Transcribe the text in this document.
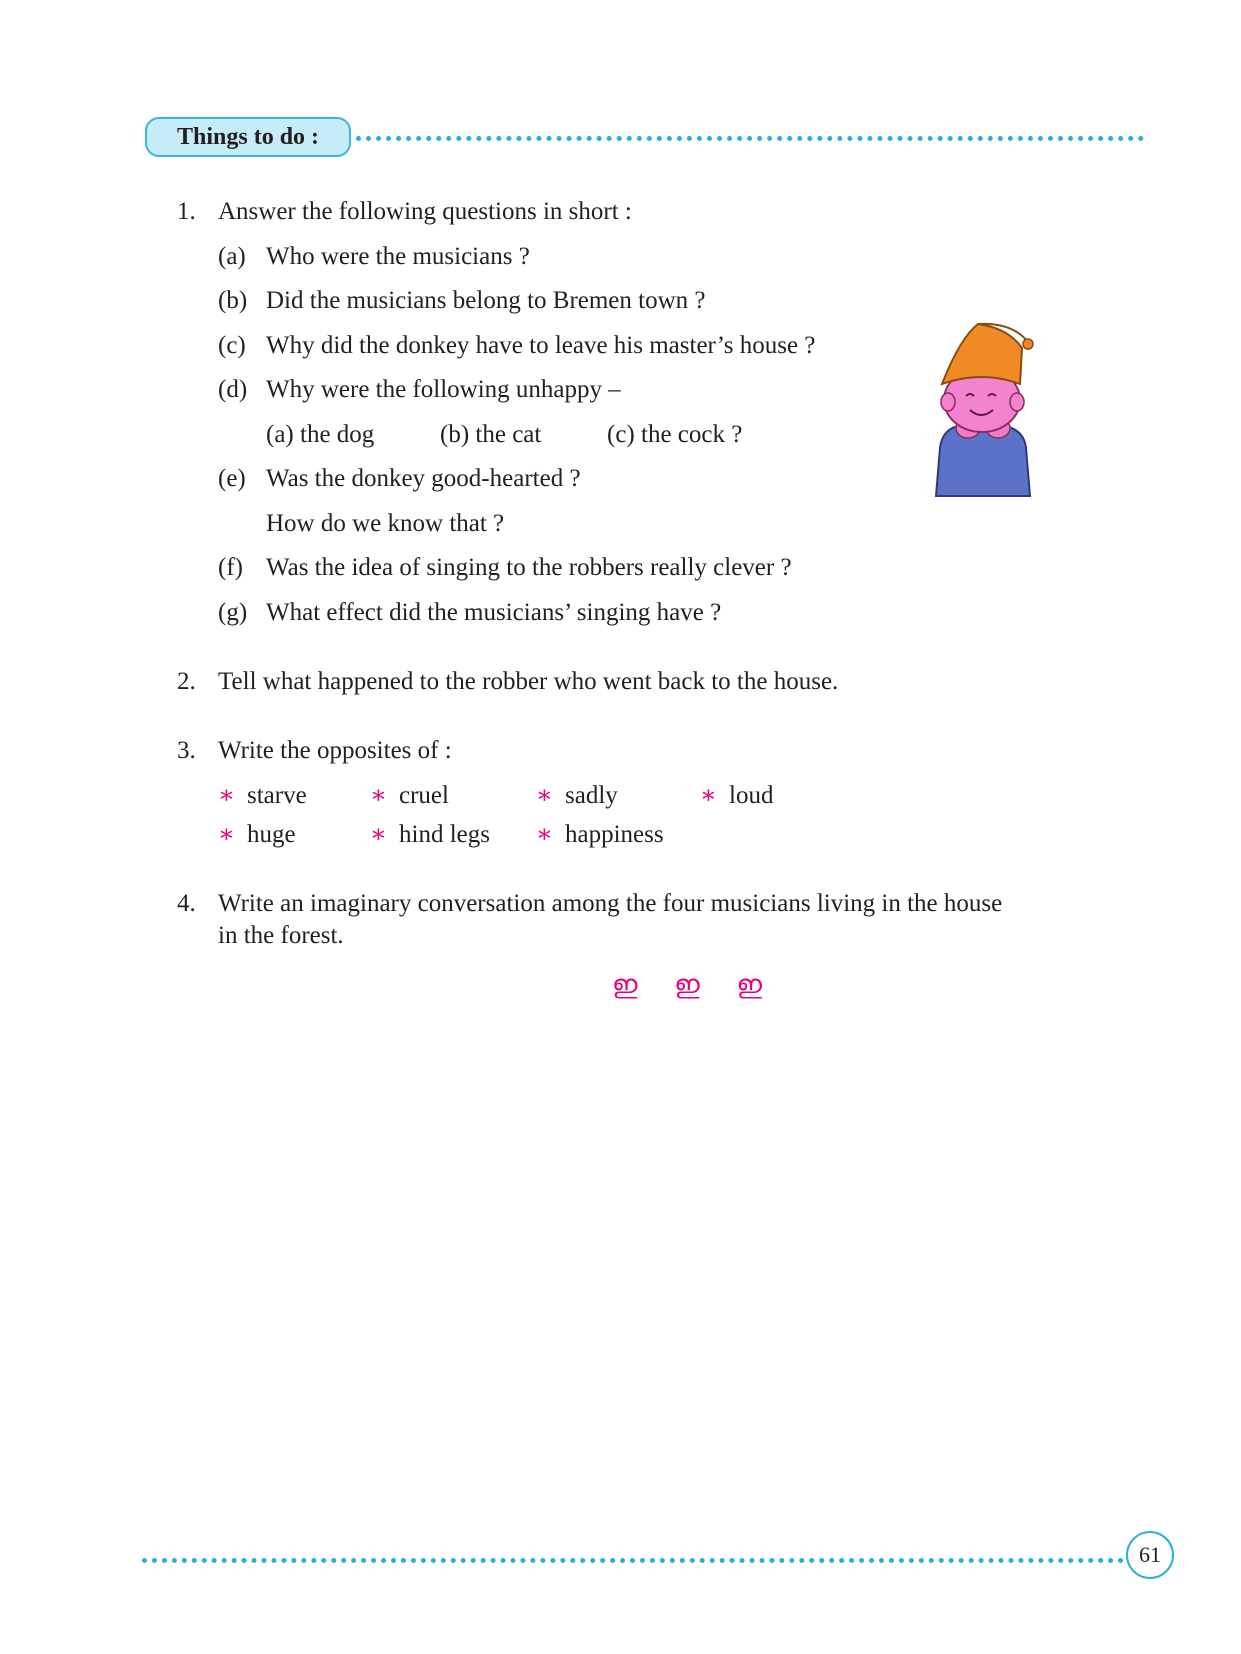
Things to do :
1. Answer the following questions in short :
(a) Who were the musicians ?
(b) Did the musicians belong to Bremen town ?
(c) Why did the donkey have to leave his master’s house ?
(d) Why were the following unhappy –
(a) the dog	(b) the cat	(c) the cock ?
(e) Was the donkey good-hearted ?
How do we know that ?
(f) Was the idea of singing to the robbers really clever ?
(g) What effect did the musicians’ singing have ?
2. Tell what happened to the robber who went back to the house.
3. Write the opposites of :
∗ starve	∗ cruel	∗ sadly	∗ loud
∗ huge	∗ hind legs ∗ happiness
4. Write an imaginary conversation among the four musicians living in the house
in the forest.
ഇ ഇ ഇ
61
